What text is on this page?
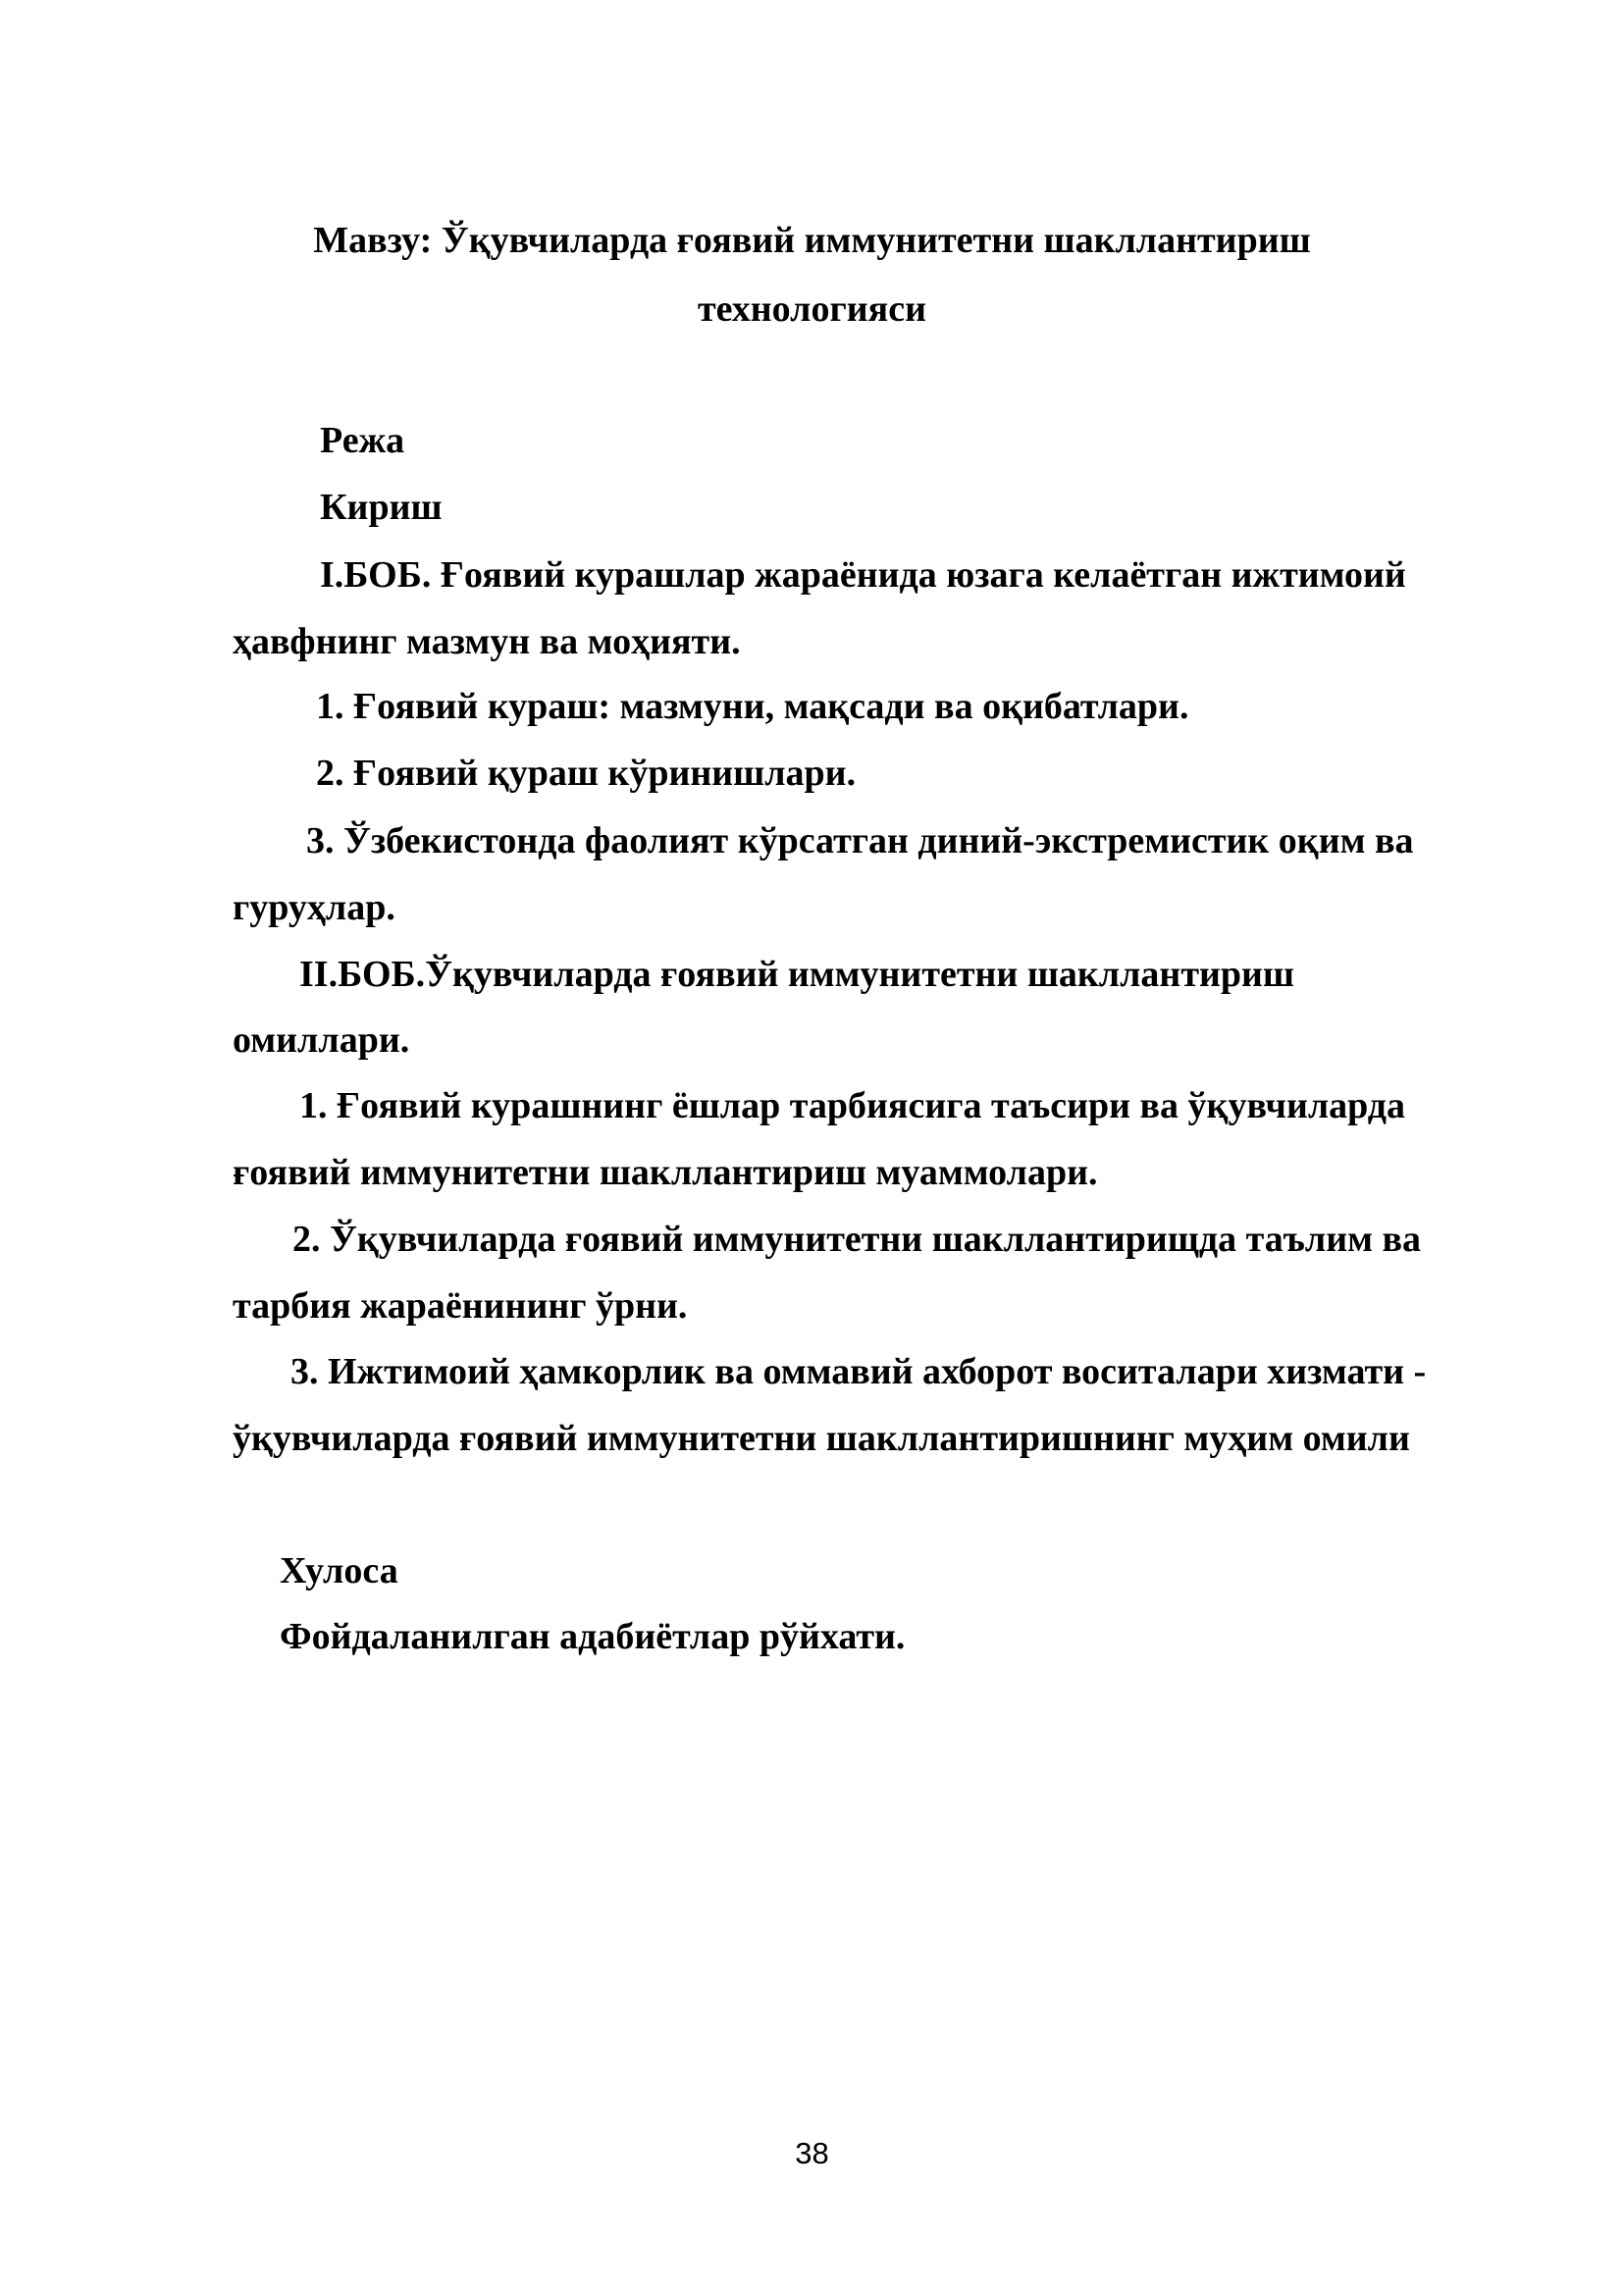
Мавзу: Ўқувчиларда ғоявий иммунитетни шакллантириш
технологияси
Режа
Кириш
I.БОБ. Ғоявий курашлар жараёнида юзага келаётган ижтимоий
ҳавфнинг мазмун ва моҳияти.
1. Ғоявий кураш: мазмуни, мақсади ва оқибатлари.
2. Ғоявий қураш кўринишлари.
3. Ўзбекистонда фаолият кўрсатган диний-экстремистик оқим ва
гуруҳлар.
II.БОБ.Ўқувчиларда ғоявий иммунитетни шакллантириш
омиллари.
1. Ғоявий курашнинг ёшлар тарбиясига таъсири ва ўқувчиларда
ғоявий иммунитетни шакллантириш муаммолари.
2. Ўқувчиларда ғоявий иммунитетни шакллантирищда таълим ва
тарбия жараёнининг ўрни.
3. Ижтимоий ҳамкорлик ва оммавий ахборот воситалари хизмати -
ўқувчиларда ғоявий иммунитетни шакллантиришнинг муҳим омили
Хулоса
Фойдаланилган адабиётлар рўйхати.
38
